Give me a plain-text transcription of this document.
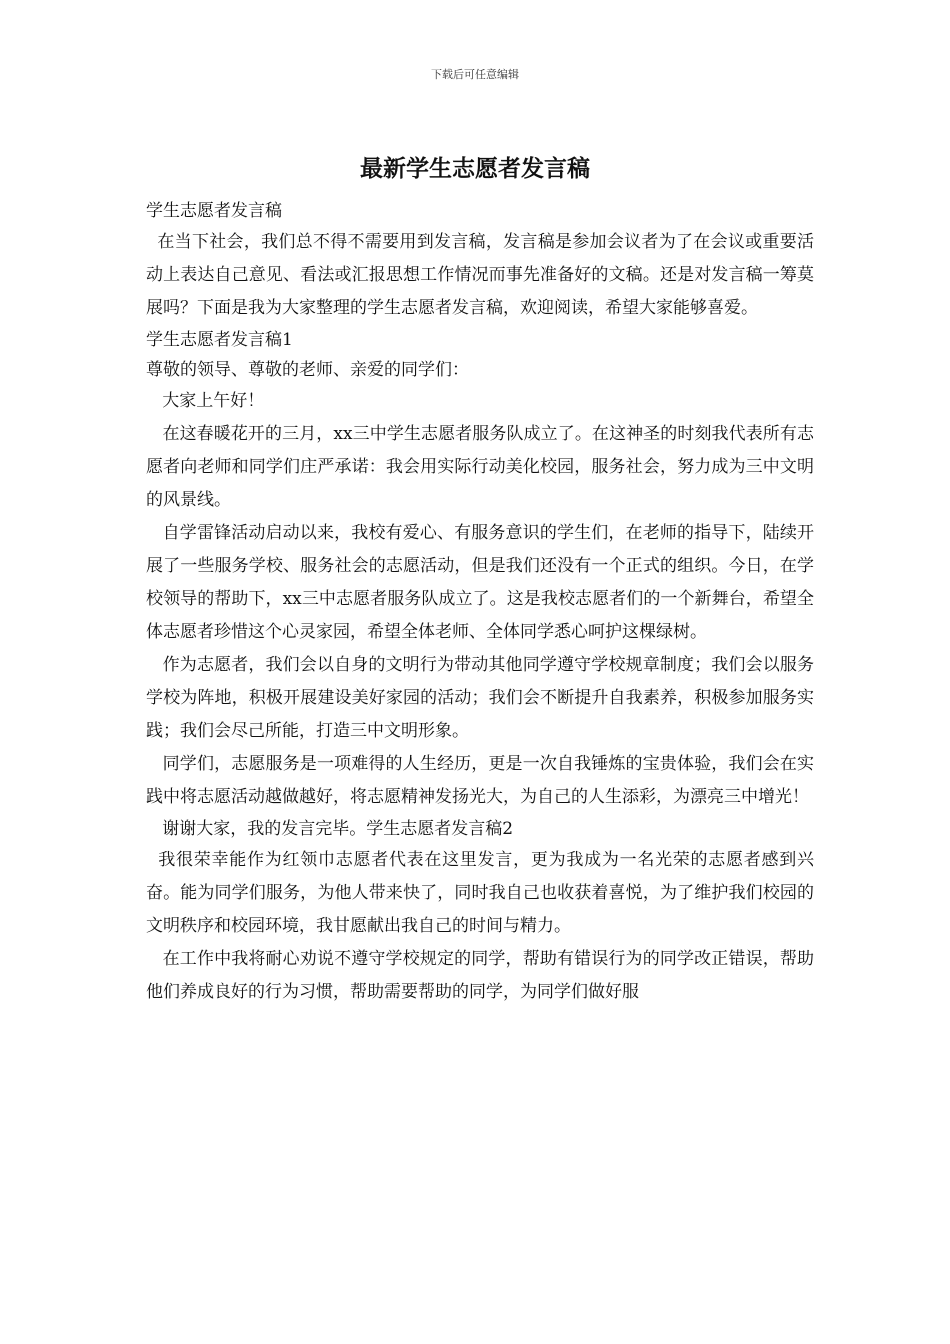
下载后可任意编辑
最新学生志愿者发言稿

学生志愿者发言稿

在当下社会，我们总不得不需要用到发言稿，发言稿是参加会议者为了在会议或重要活动上表达自己意见、看法或汇报思想工作情况而事先准备好的文稿。还是对发言稿一筹莫展吗？下面是我为大家整理的学生志愿者发言稿，欢迎阅读，希望大家能够喜爱。

学生志愿者发言稿1

尊敬的领导、尊敬的老师、亲爱的同学们：

大家上午好！

在这春暖花开的三月，xx三中学生志愿者服务队成立了。在这神圣的时刻我代表所有志愿者向老师和同学们庄严承诺：我会用实际行动美化校园，服务社会，努力成为三中文明的风景线。

自学雷锋活动启动以来，我校有爱心、有服务意识的学生们，在老师的指导下，陆续开展了一些服务学校、服务社会的志愿活动，但是我们还没有一个正式的组织。今日，在学校领导的帮助下，xx三中志愿者服务队成立了。这是我校志愿者们的一个新舞台，希望全体志愿者珍惜这个心灵家园，希望全体老师、全体同学悉心呵护这棵绿树。

作为志愿者，我们会以自身的文明行为带动其他同学遵守学校规章制度；我们会以服务学校为阵地，积极开展建设美好家园的活动；我们会不断提升自我素养，积极参加服务实践；我们会尽己所能，打造三中文明形象。

同学们，志愿服务是一项难得的人生经历，更是一次自我锤炼的宝贵体验，我们会在实践中将志愿活动越做越好，将志愿精神发扬光大，为自己的人生添彩，为漂亮三中增光！

谢谢大家，我的发言完毕。学生志愿者发言稿2

我很荣幸能作为红领巾志愿者代表在这里发言，更为我成为一名光荣的志愿者感到兴奋。能为同学们服务，为他人带来快了，同时我自己也收获着喜悦，为了维护我们校园的文明秩序和校园环境，我甘愿献出我自己的时间与精力。

在工作中我将耐心劝说不遵守学校规定的同学，帮助有错误行为的同学改正错误，帮助他们养成良好的行为习惯，帮助需要帮助的同学，为同学们做好服
